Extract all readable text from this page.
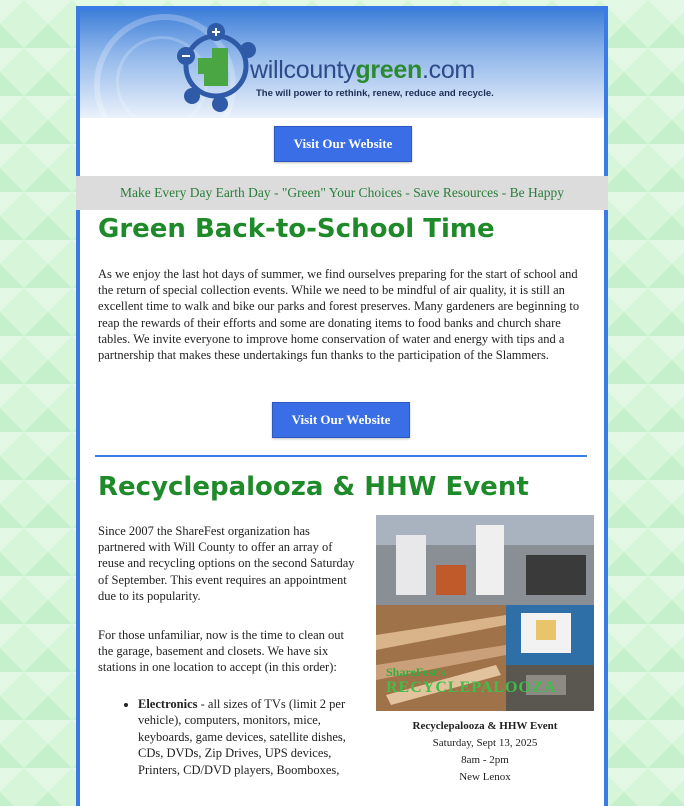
willcountygreen.com
The will power to rethink, renew, reduce and recycle.
Visit Our Website
Make Every Day Earth Day - "Green" Your Choices - Save Resources - Be Happy
Green Back-to-School Time
As we enjoy the last hot days of summer, we find ourselves preparing for the start of school and the return of special collection events. While we need to be mindful of air quality, it is still an excellent time to walk and bike our parks and forest preserves. Many gardeners are beginning to reap the rewards of their efforts and some are donating items to food banks and church share tables. We invite everyone to improve home conservation of water and energy with tips and a partnership that makes these undertakings fun thanks to the participation of the Slammers.
Visit Our Website
Recyclepalooza & HHW Event
Since 2007 the ShareFest organization has partnered with Will County to offer an array of reuse and recycling options on the second Saturday of September. This event requires an appointment due to its popularity.
For those unfamiliar, now is the time to clean out the garage, basement and closets. We have six stations in one location to accept (in this order):
• Electronics - all sizes of TVs (limit 2 per vehicle), computers, monitors, mice, keyboards, game devices, satellite dishes, CDs, DVDs, Zip Drives, UPS devices, Printers, CD/DVD players, Boomboxes,
ShareFest's
RECYCLEPALOOZA
Recyclepalooza & HHW Event
Saturday, Sept 13, 2025
8am - 2pm
New Lenox
